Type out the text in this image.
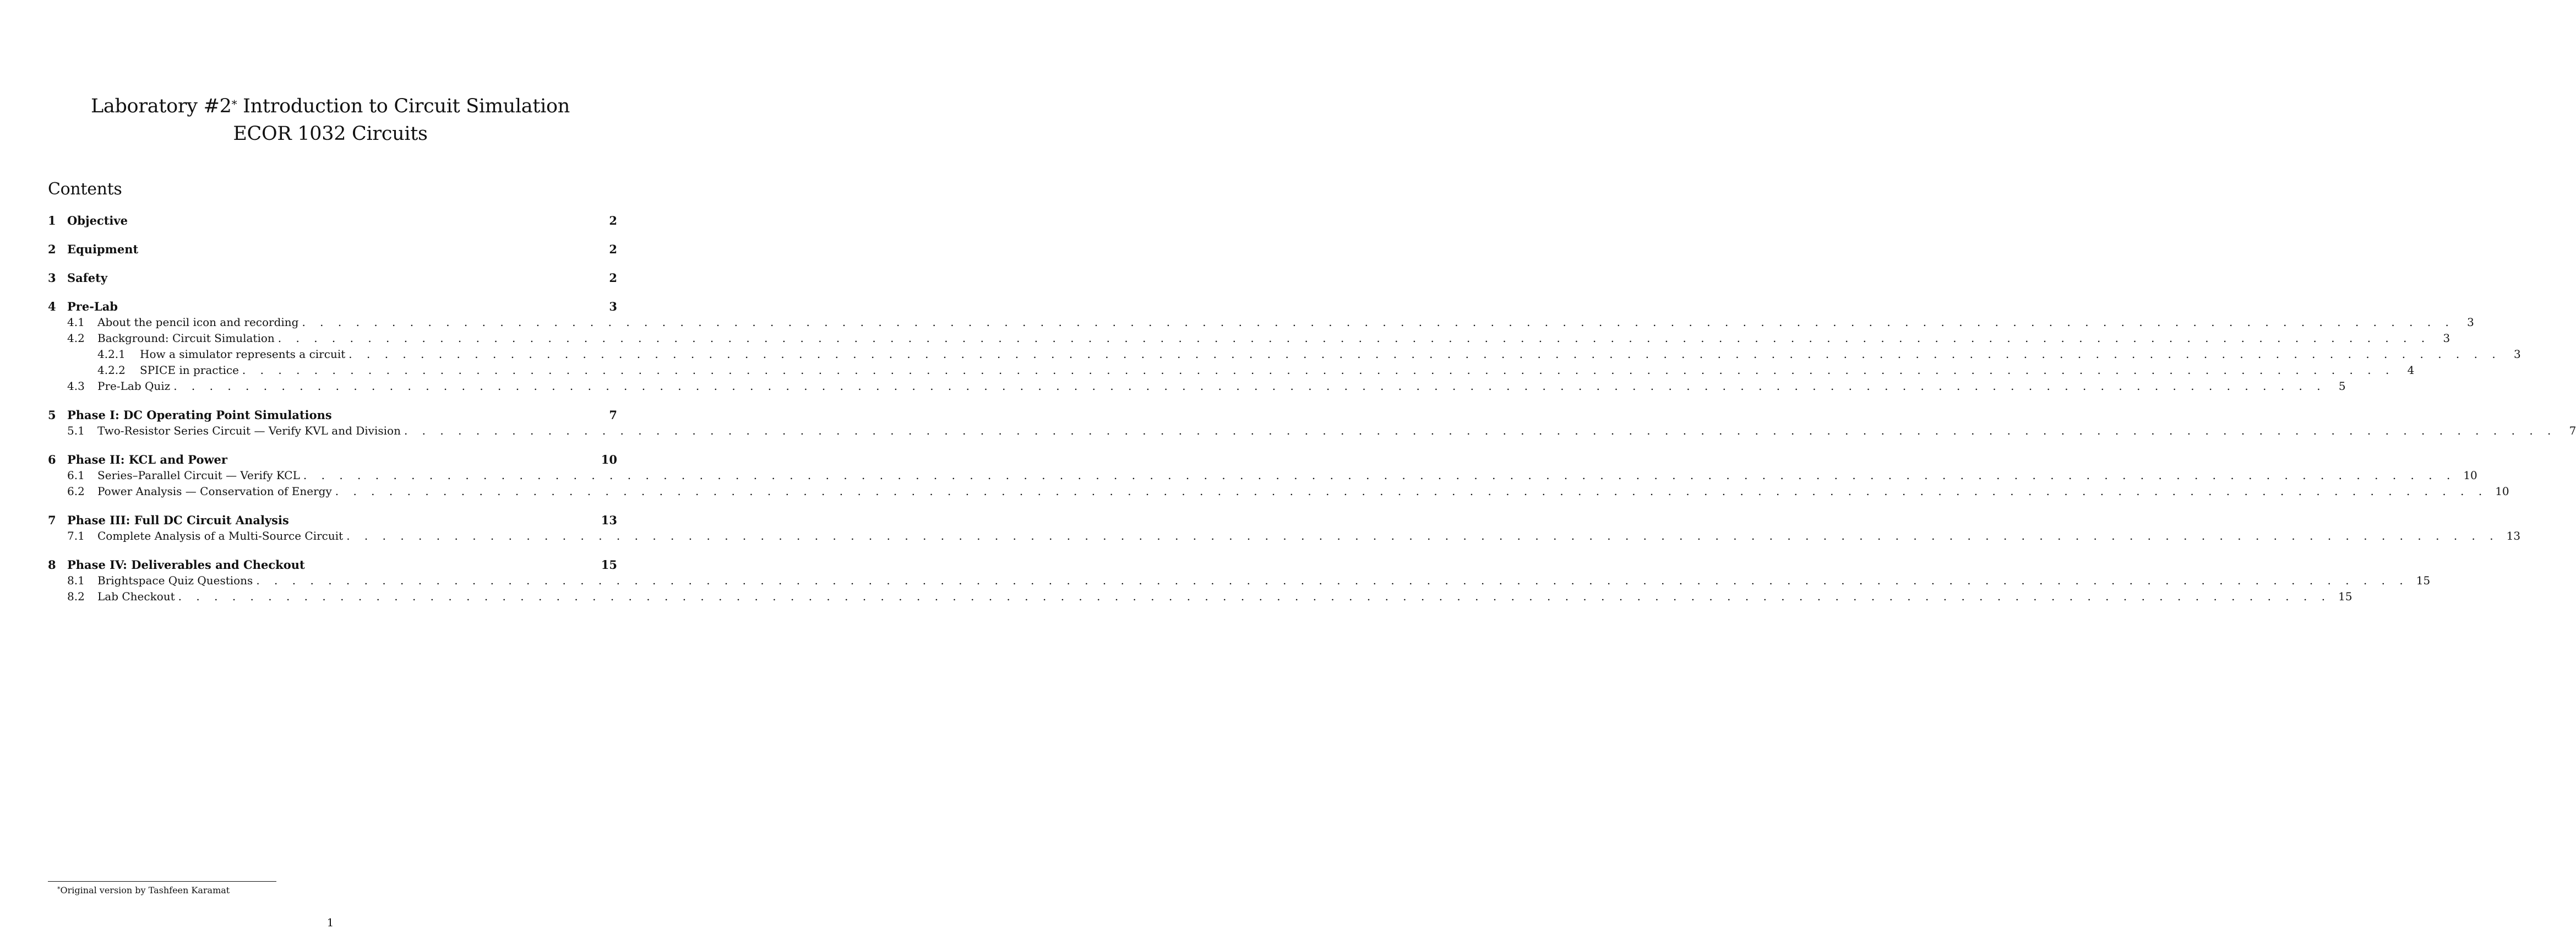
Laboratory #2* Introduction to Circuit Simulation
ECOR 1032 Circuits
Contents
1 Objective	2
2 Equipment	2
3 Safety	2
4 Pre-Lab	3
4.1	About the pencil icon and recording . . . . . . . . . . . . . . . . . . . . . . . . . . . . . . . . . . . . . . . . . . . . . . . . . . . . . . . . . . . . . . . . . . . . . . . . . . . . . . . . . . . . . . . . . . . . . . . . . . . . . . . . . . . . . . . . . . . . . . . .	3
4.2	Background: Circuit Simulation . . . . . . . . . . . . . . . . . . . . . . . . . . . . . . . . . . . . . . . . . . . . . . . . . . . . . . . . . . . . . . . . . . . . . . . . . . . . . . . . . . . . . . . . . . . . . . . . . . . . . . . . . . . . . . . . . . . . . . . .	3
4.2.1	How a simulator represents a circuit . . . . . . . . . . . . . . . . . . . . . . . . . . . . . . . . . . . . . . . . . . . . . . . . . . . . . . . . . . . . . . . . . . . . . . . . . . . . . . . . . . . . . . . . . . . . . . . . . . . . . . . . . . . . . . . . . . . . . . . .	3
4.2.2	SPICE in practice . . . . . . . . . . . . . . . . . . . . . . . . . . . . . . . . . . . . . . . . . . . . . . . . . . . . . . . . . . . . . . . . . . . . . . . . . . . . . . . . . . . . . . . . . . . . . . . . . . . . . . . . . . . . . . . . . . . . . . . .	4
4.3	Pre-Lab Quiz . . . . . . . . . . . . . . . . . . . . . . . . . . . . . . . . . . . . . . . . . . . . . . . . . . . . . . . . . . . . . . . . . . . . . . . . . . . . . . . . . . . . . . . . . . . . . . . . . . . . . . . . . . . . . . . . . . . . . . . .	5
5 Phase I: DC Operating Point Simulations	7
5.1	Two-Resistor Series Circuit — Verify KVL and Division . . . . . . . . . . . . . . . . . . . . . . . . . . . . . . . . . . . . . . . . . . . . . . . . . . . . . . . . . . . . . . . . . . . . . . . . . . . . . . . . . . . . . . . . . . . . . . . . . . . . . . . . . . . . . . . . . . . . . . . .	7
6 Phase II: KCL and Power	10
6.1	Series–Parallel Circuit — Verify KCL . . . . . . . . . . . . . . . . . . . . . . . . . . . . . . . . . . . . . . . . . . . . . . . . . . . . . . . . . . . . . . . . . . . . . . . . . . . . . . . . . . . . . . . . . . . . . . . . . . . . . . . . . . . . . . . . . . . . . . . . 10
6.2	Power Analysis — Conservation of Energy . . . . . . . . . . . . . . . . . . . . . . . . . . . . . . . . . . . . . . . . . . . . . . . . . . . . . . . . . . . . . . . . . . . . . . . . . . . . . . . . . . . . . . . . . . . . . . . . . . . . . . . . . . . . . . . . . . . . . . . . 10
7 Phase III: Full DC Circuit Analysis	13
7.1	Complete Analysis of a Multi-Source Circuit . . . . . . . . . . . . . . . . . . . . . . . . . . . . . . . . . . . . . . . . . . . . . . . . . . . . . . . . . . . . . . . . . . . . . . . . . . . . . . . . . . . . . . . . . . . . . . . . . . . . . . . . . . . . . . . . . . . . . . . . 13
8 Phase IV: Deliverables and Checkout	15
8.1	Brightspace Quiz Questions . . . . . . . . . . . . . . . . . . . . . . . . . . . . . . . . . . . . . . . . . . . . . . . . . . . . . . . . . . . . . . . . . . . . . . . . . . . . . . . . . . . . . . . . . . . . . . . . . . . . . . . . . . . . . . . . . . . . . . . . 15
8.2	Lab Checkout . . . . . . . . . . . . . . . . . . . . . . . . . . . . . . . . . . . . . . . . . . . . . . . . . . . . . . . . . . . . . . . . . . . . . . . . . . . . . . . . . . . . . . . . . . . . . . . . . . . . . . . . . . . . . . . . . . . . . . . . 15
*Original version by Tashfeen Karamat
1
